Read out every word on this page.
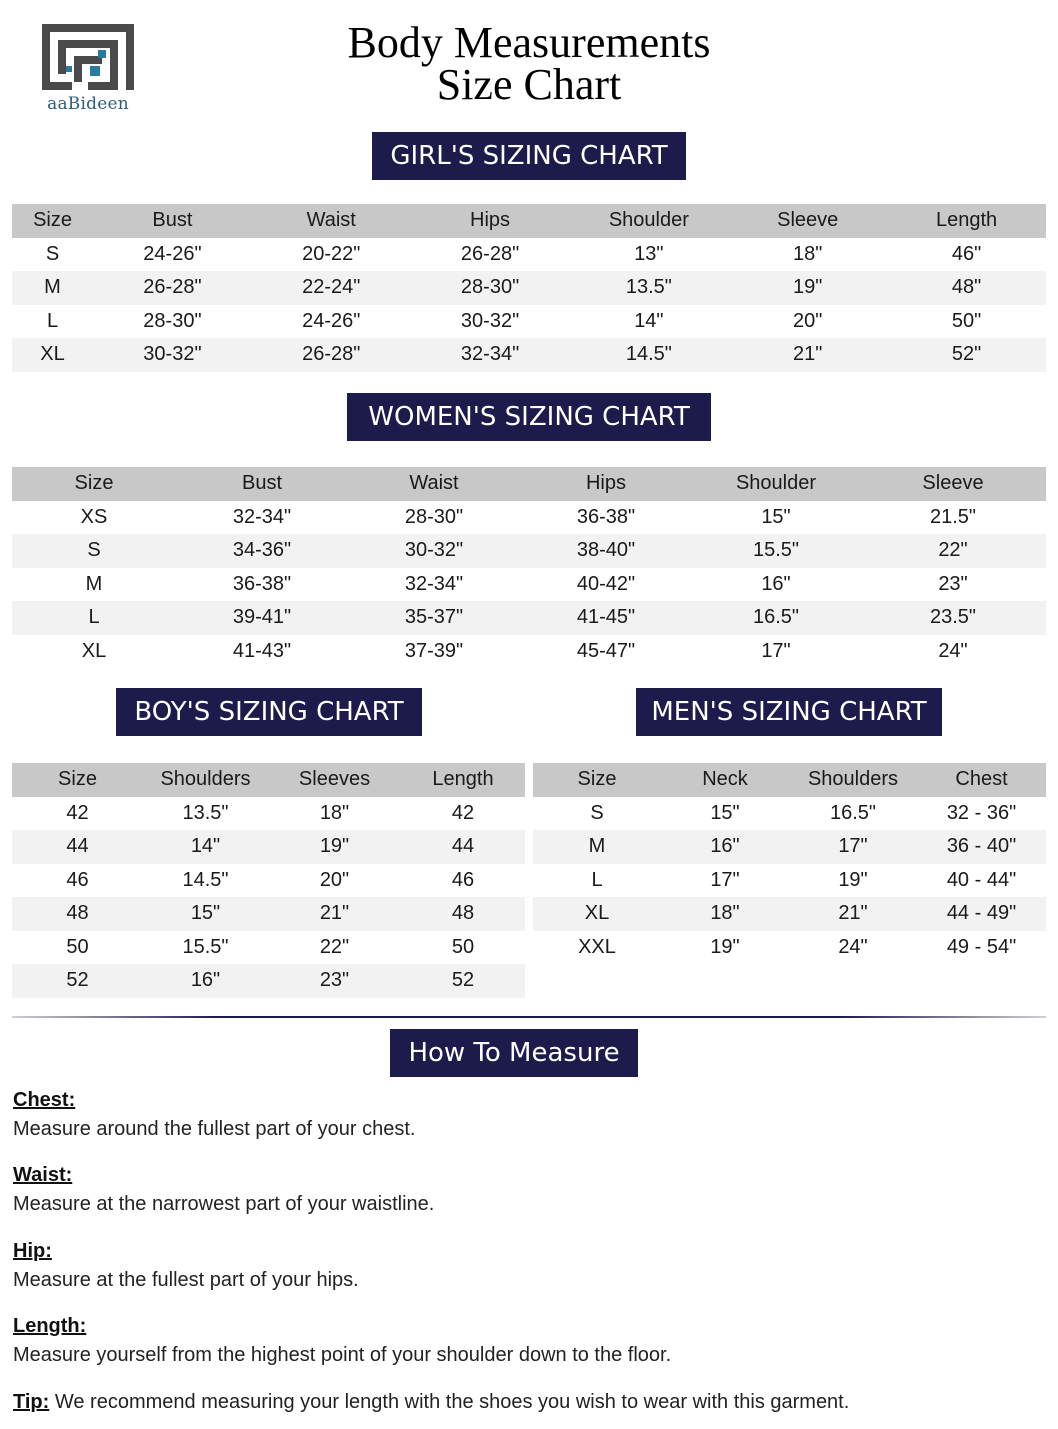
aaBideen
Body Measurements
Size Chart
GIRL'S SIZING CHART
Size	Bust	Waist	Hips	Shoulder	Sleeve	Length
S	24-26"	20-22"	26-28"	13"	18"	46"
M	26-28"	22-24"	28-30"	13.5"	19"	48"
L	28-30"	24-26"	30-32"	14"	20"	50"
XL	30-32"	26-28"	32-34"	14.5"	21"	52"
WOMEN'S SIZING CHART
Size	Bust	Waist	Hips	Shoulder	Sleeve
XS	32-34"	28-30"	36-38"	15"	21.5"
S	34-36"	30-32"	38-40"	15.5"	22"
M	36-38"	32-34"	40-42"	16"	23"
L	39-41"	35-37"	41-45"	16.5"	23.5"
XL	41-43"	37-39"	45-47"	17"	24"
BOY'S SIZING CHART
Size	Shoulders	Sleeves	Length
42	13.5"	18"	42
44	14"	19"	44
46	14.5"	20"	46
48	15"	21"	48
50	15.5"	22"	50
52	16"	23"	52
MEN'S SIZING CHART
Size	Neck	Shoulders	Chest
S	15"	16.5"	32 - 36"
M	16"	17"	36 - 40"
L	17"	19"	40 - 44"
XL	18"	21"	44 - 49"
XXL	19"	24"	49 - 54"
How To Measure
Chest:
Measure around the fullest part of your chest.
Waist:
Measure at the narrowest part of your waistline.
Hip:
Measure at the fullest part of your hips.
Length:
Measure yourself from the highest point of your shoulder down to the floor.
Tip: We recommend measuring your length with the shoes you wish to wear with this garment.
